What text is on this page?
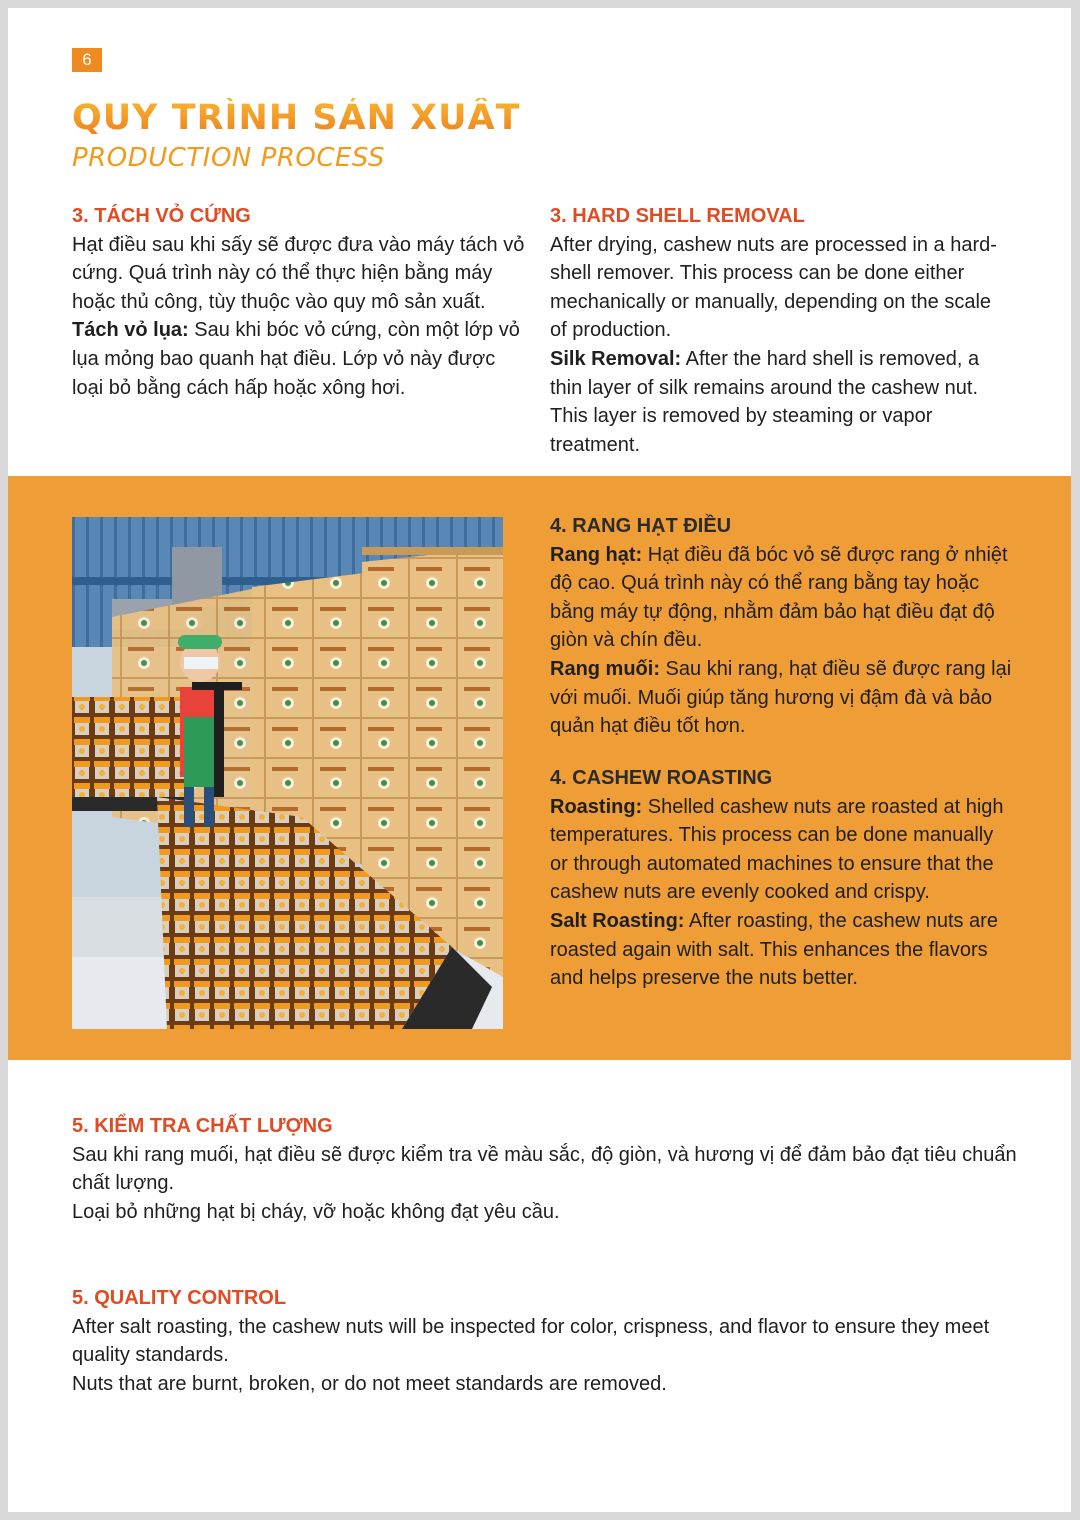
6
QUY TRÌNH SẢN XUẤT
PRODUCTION PROCESS
3. TÁCH VỎ CỨNG

Hạt điều sau khi sấy sẽ được đưa vào máy tách vỏ cứng. Quá trình này có thể thực hiện bằng máy hoặc thủ công, tùy thuộc vào quy mô sản xuất.

Tách vỏ lụa: Sau khi bóc vỏ cứng, còn một lớp vỏ lụa mỏng bao quanh hạt điều. Lớp vỏ này được loại bỏ bằng cách hấp hoặc xông hơi.

3. HARD SHELL REMOVAL

After drying, cashew nuts are processed in a hard-shell remover. This process can be done either mechanically or manually, depending on the scale of production.

Silk Removal: After the hard shell is removed, a thin layer of silk remains around the cashew nut. This layer is removed by steaming or vapor treatment.

4. RANG HẠT ĐIỀU

Rang hạt: Hạt điều đã bóc vỏ sẽ được rang ở nhiệt độ cao. Quá trình này có thể rang bằng tay hoặc bằng máy tự động, nhằm đảm bảo hạt điều đạt độ giòn và chín đều.

Rang muối: Sau khi rang, hạt điều sẽ được rang lại với muối. Muối giúp tăng hương vị đậm đà và bảo quản hạt điều tốt hơn.

4. CASHEW ROASTING

Roasting: Shelled cashew nuts are roasted at high temperatures. This process can be done manually or through automated machines to ensure that the cashew nuts are evenly cooked and crispy.

Salt Roasting: After roasting, the cashew nuts are roasted again with salt. This enhances the flavors and helps preserve the nuts better.

5. KIỂM TRA CHẤT LƯỢNG

Sau khi rang muối, hạt điều sẽ được kiểm tra về màu sắc, độ giòn, và hương vị để đảm bảo đạt tiêu chuẩn chất lượng.

Loại bỏ những hạt bị cháy, vỡ hoặc không đạt yêu cầu.

5. QUALITY CONTROL

After salt roasting, the cashew nuts will be inspected for color, crispness, and flavor to ensure they meet quality standards.

Nuts that are burnt, broken, or do not meet standards are removed.
